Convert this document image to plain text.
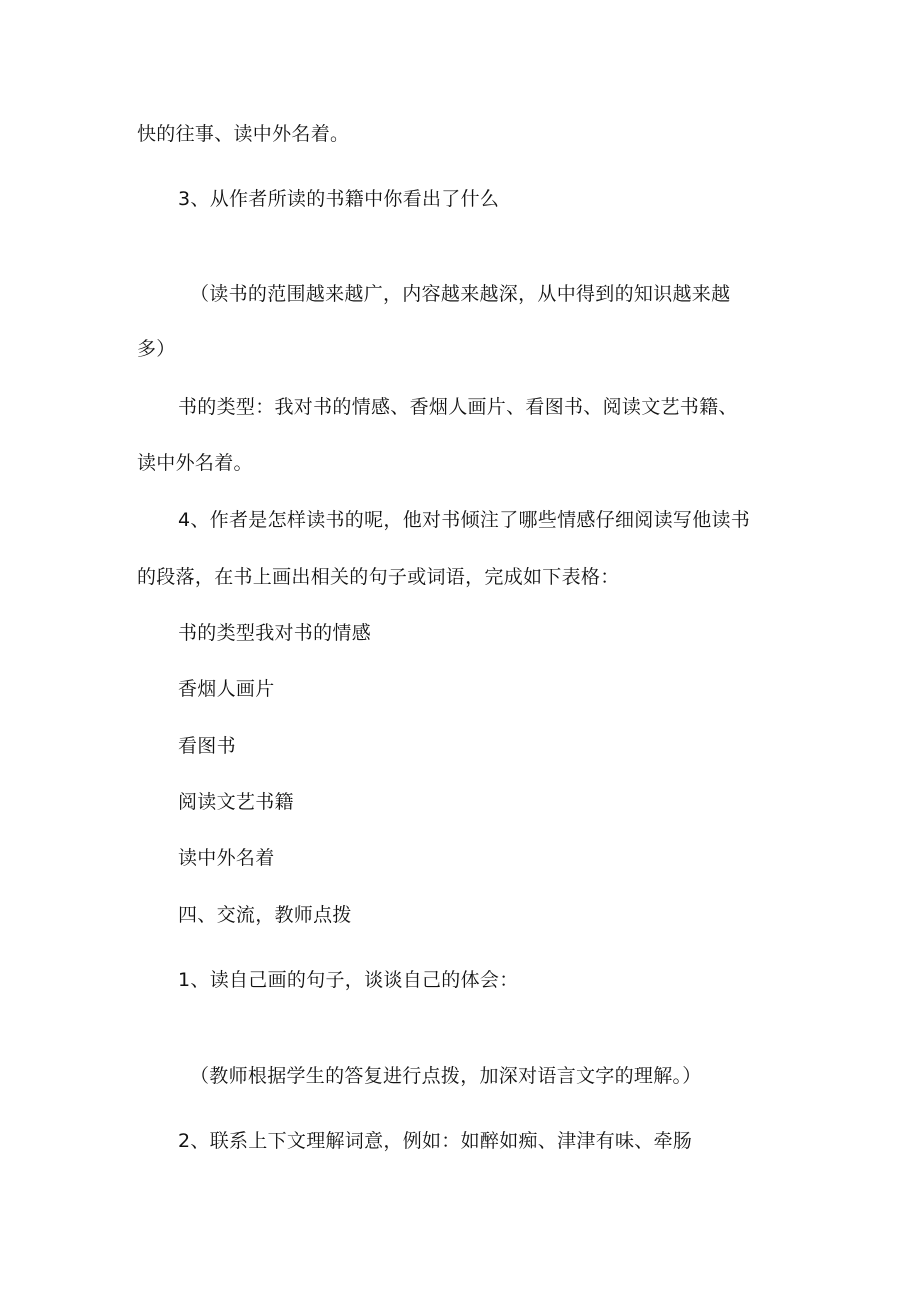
快的往事、读中外名着。
3、从作者所读的书籍中你看出了什么
（读书的范围越来越广，内容越来越深，从中得到的知识越来越
多）
书的类型：我对书的情感、香烟人画片、看图书、阅读文艺书籍、
读中外名着。
4、作者是怎样读书的呢，他对书倾注了哪些情感仔细阅读写他读书
的段落，在书上画出相关的句子或词语，完成如下表格：
书的类型我对书的情感
香烟人画片
看图书
阅读文艺书籍
读中外名着
四、交流，教师点拨
1、读自己画的句子，谈谈自己的体会：
（教师根据学生的答复进行点拨，加深对语言文字的理解。）
2、联系上下文理解词意，例如：如醉如痴、津津有味、牵肠
